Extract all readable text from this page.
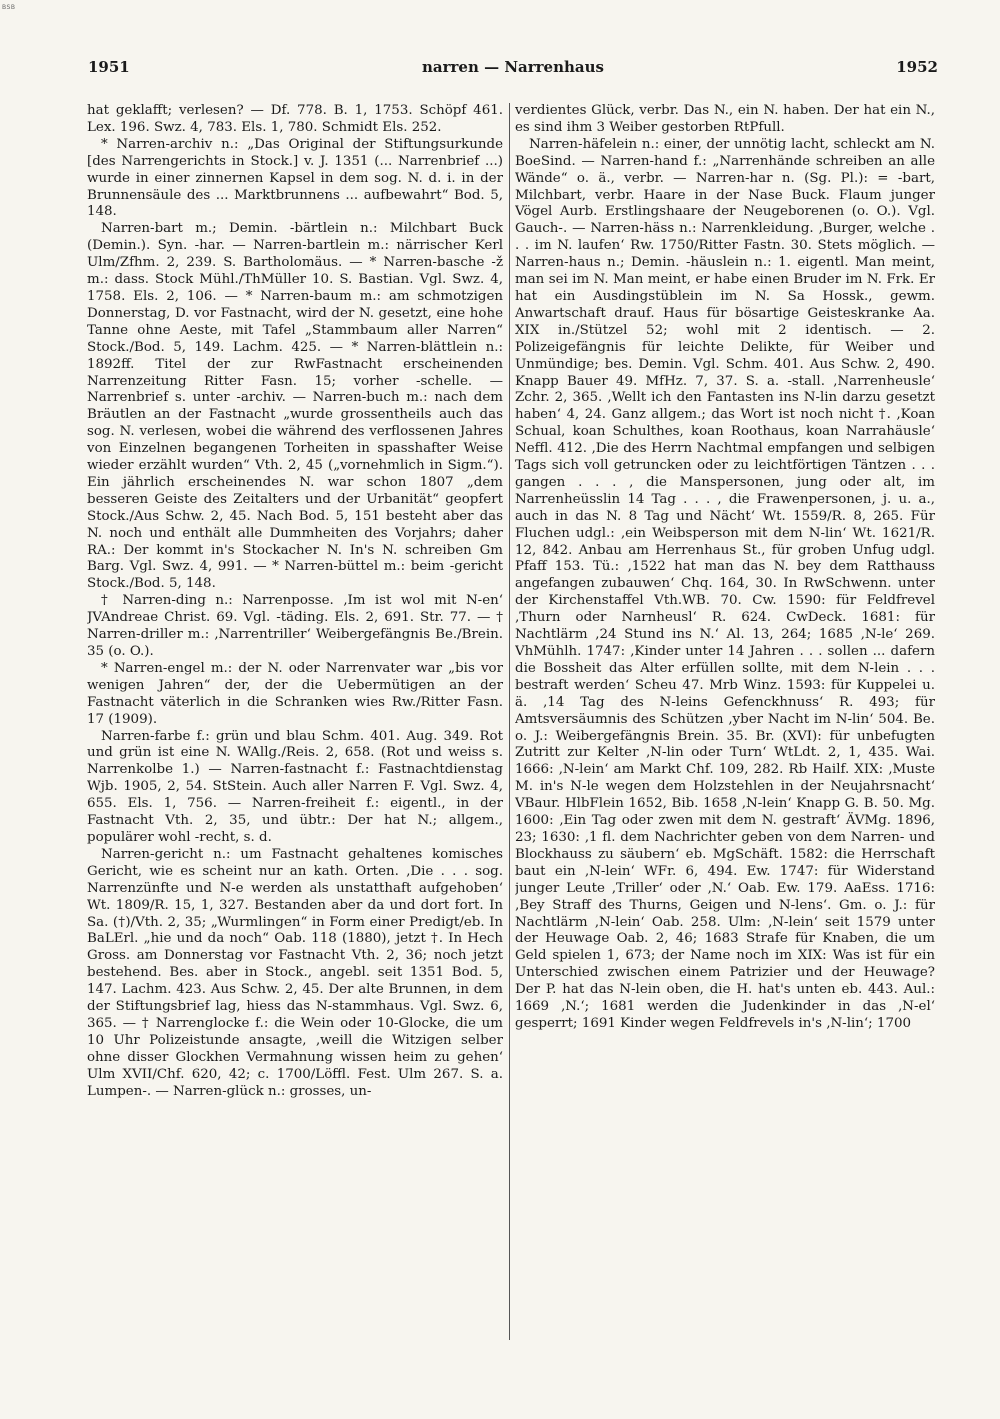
BSB
1951	narren — Narrenhaus	1952

hat geklafft; verlesen? — Df. 778. B. 1, 1753. Schöpf 461. Lex. 196. Swz. 4, 783. Els. 1, 780. Schmidt Els. 252.

* Narren-archiv n.: „Das Original der Stiftungsurkunde [des Narrengerichts in Stock.] v. J. 1351 (... Narrenbrief ...) wurde in einer zinnernen Kapsel in dem sog. N. d. i. in der Brunnensäule des ... Marktbrunnens ... aufbewahrt“ Bod. 5, 148.

Narren-bart m.; Demin. -bärtlein n.: Milchbart Buck (Demin.). Syn. -har. — Narren-bartlein m.: närrischer Kerl Ulm/Zfhm. 2, 239. S. Bartholomäus. — * Narren-basche -ž m.: dass. Stock Mühl./ThMüller 10. S. Bastian. Vgl. Swz. 4, 1758. Els. 2, 106. — * Narren-baum m.: am schmotzigen Donnerstag, D. vor Fastnacht, wird der N. gesetzt, eine hohe Tanne ohne Aeste, mit Tafel „Stammbaum aller Narren“ Stock./Bod. 5, 149. Lachm. 425. — * Narren-blättlein n.: 1892ff. Titel der zur RwFastnacht erscheinenden Narrenzeitung Ritter Fasn. 15; vorher -schelle. — Narrenbrief s. unter -archiv. — Narren-buch m.: nach dem Bräutlen an der Fastnacht „wurde grossentheils auch das sog. N. verlesen, wobei die während des verflossenen Jahres von Einzelnen begangenen Torheiten in spasshafter Weise wieder erzählt wurden“ Vth. 2, 45 („vornehmlich in Sigm.“). Ein jährlich erscheinendes N. war schon 1807 „dem besseren Geiste des Zeitalters und der Urbanität“ geopfert Stock./Aus Schw. 2, 45. Nach Bod. 5, 151 besteht aber das N. noch und enthält alle Dummheiten des Vorjahrs; daher RA.: Der kommt in's Stockacher N. In's N. schreiben Gm Barg. Vgl. Swz. 4, 991. — * Narren-büttel m.: beim -gericht Stock./Bod. 5, 148.

† Narren-ding n.: Narrenposse. ‚Im ist wol mit N-en‘ JVAndreae Christ. 69. Vgl. -täding. Els. 2, 691. Str. 77. — † Narren-driller m.: ‚Narrentriller‘ Weibergefängnis Be./Brein. 35 (o. O.).

* Narren-engel m.: der N. oder Narrenvater war „bis vor wenigen Jahren“ der, der die Uebermütigen an der Fastnacht väterlich in die Schranken wies Rw./Ritter Fasn. 17 (1909).

Narren-farbe f.: grün und blau Schm. 401. Aug. 349. Rot und grün ist eine N. WAllg./Reis. 2, 658. (Rot und weiss s. Narrenkolbe 1.) — Narren-fastnacht f.: Fastnachtdienstag Wjb. 1905, 2, 54. StStein. Auch aller Narren F. Vgl. Swz. 4, 655. Els. 1, 756. — Narren-freiheit f.: eigentl., in der Fastnacht Vth. 2, 35, und übtr.: Der hat N.; allgem., populärer wohl -recht, s. d.

Narren-gericht n.: um Fastnacht gehaltenes komisches Gericht, wie es scheint nur an kath. Orten. ‚Die . . . sog. Narrenzünfte und N-e werden als unstatthaft aufgehoben‘ Wt. 1809/R. 15, 1, 327. Bestanden aber da und dort fort. In Sa. (†)/Vth. 2, 35; „Wurmlingen“ in Form einer Predigt/eb. In BaLErl. „hie und da noch“ Oab. 118 (1880), jetzt †. In Hech Gross. am Donnerstag vor Fastnacht Vth. 2, 36; noch jetzt bestehend. Bes. aber in Stock., angebl. seit 1351 Bod. 5, 147. Lachm. 423. Aus Schw. 2, 45. Der alte Brunnen, in dem der Stiftungsbrief lag, hiess das N-stammhaus. Vgl. Swz. 6, 365. — † Narrenglocke f.: die Wein oder 10-Glocke, die um 10 Uhr Polizeistunde ansagte, ‚weill die Witzigen selber ohne disser Glockhen Vermahnung wissen heim zu gehen‘ Ulm XVII/Chf. 620, 42; c. 1700/Löffl. Fest. Ulm 267. S. a. Lumpen-. — Narren-glück n.: grosses, un-

verdientes Glück, verbr. Das N., ein N. haben. Der hat ein N., es sind ihm 3 Weiber gestorben RtPfull.

Narren-häfelein n.: einer, der unnötig lacht, schleckt am N. BoeSind. — Narren-hand f.: „Narrenhände schreiben an alle Wände“ o. ä., verbr. — Narren-har n. (Sg. Pl.): = -bart, Milchbart, verbr. Haare in der Nase Buck. Flaum junger Vögel Aurb. Erstlingshaare der Neugeborenen (o. O.). Vgl. Gauch-. — Narren-häss n.: Narrenkleidung. ‚Burger, welche . . . im N. laufen‘ Rw. 1750/Ritter Fastn. 30. Stets möglich. — Narren-haus n.; Demin. -häuslein n.: 1. eigentl. Man meint, man sei im N. Man meint, er habe einen Bruder im N. Frk. Er hat ein Ausdingstüblein im N. Sa Hossk., gewm. Anwartschaft drauf. Haus für bösartige Geisteskranke Aa. XIX in./Stützel 52; wohl mit 2 identisch. — 2. Polizeigefängnis für leichte Delikte, für Weiber und Unmündige; bes. Demin. Vgl. Schm. 401. Aus Schw. 2, 490. Knapp Bauer 49. MfHz. 7, 37. S. a. -stall. ‚Narrenheusle‘ Zchr. 2, 365. ‚Wellt ich den Fantasten ins N-lin darzu gesetzt haben‘ 4, 24. Ganz allgem.; das Wort ist noch nicht †. ‚Koan Schual, koan Schulthes, koan Roothaus, koan Narrahäusle‘ Neffl. 412. ‚Die des Herrn Nachtmal empfangen und selbigen Tags sich voll getruncken oder zu leichtförtigen Täntzen . . . gangen . . . , die Manspersonen, jung oder alt, im Narrenheüsslin 14 Tag . . . , die Frawenpersonen, j. u. a., auch in das N. 8 Tag und Nächt‘ Wt. 1559/R. 8, 265. Für Fluchen udgl.: ‚ein Weibsperson mit dem N-lin‘ Wt. 1621/R. 12, 842. Anbau am Herrenhaus St., für groben Unfug udgl. Pfaff 153. Tü.: ‚1522 hat man das N. bey dem Ratthauss angefangen zubauwen‘ Chq. 164, 30. In RwSchwenn. unter der Kirchenstaffel Vth.WB. 70. Cw. 1590: für Feldfrevel ‚Thurn oder Narnheusl‘ R. 624. CwDeck. 1681: für Nachtlärm ‚24 Stund ins N.‘ Al. 13, 264; 1685 ‚N-le‘ 269. VhMühlh. 1747: ‚Kinder unter 14 Jahren . . . sollen ... dafern die Bossheit das Alter erfüllen sollte, mit dem N-lein . . . bestraft werden‘ Scheu 47. Mrb Winz. 1593: für Kuppelei u. ä. ‚14 Tag des N-leins Gefenckhnuss‘ R. 493; für Amtsversäumnis des Schützen ‚yber Nacht im N-lin‘ 504. Be. o. J.: Weibergefängnis Brein. 35. Br. (XVI): für unbefugten Zutritt zur Kelter ‚N-lin oder Turn‘ WtLdt. 2, 1, 435. Wai. 1666: ‚N-lein‘ am Markt Chf. 109, 282. Rb Hailf. XIX: ‚Muste M. in's N-le wegen dem Holzstehlen in der Neujahrsnacht‘ VBaur. HlbFlein 1652, Bib. 1658 ‚N-lein‘ Knapp G. B. 50. Mg. 1600: ‚Ein Tag oder zwen mit dem N. gestraft‘ ÄVMg. 1896, 23; 1630: ‚1 fl. dem Nachrichter geben von dem Narren- und Blockhauss zu säubern‘ eb. MgSchäft. 1582: die Herrschaft baut ein ‚N-lein‘ WFr. 6, 494. Ew. 1747: für Widerstand junger Leute ‚Triller‘ oder ‚N.‘ Oab. Ew. 179. AaEss. 1716: ‚Bey Straff des Thurns, Geigen und N-lens‘. Gm. o. J.: für Nachtlärm ‚N-lein‘ Oab. 258. Ulm: ‚N-lein‘ seit 1579 unter der Heuwage Oab. 2, 46; 1683 Strafe für Knaben, die um Geld spielen 1, 673; der Name noch im XIX: Was ist für ein Unterschied zwischen einem Patrizier und der Heuwage? Der P. hat das N-lein oben, die H. hat's unten eb. 443. Aul.: 1669 ‚N.‘; 1681 werden die Judenkinder in das ‚N-el‘ gesperrt; 1691 Kinder wegen Feldfrevels in's ‚N-lin‘; 1700
